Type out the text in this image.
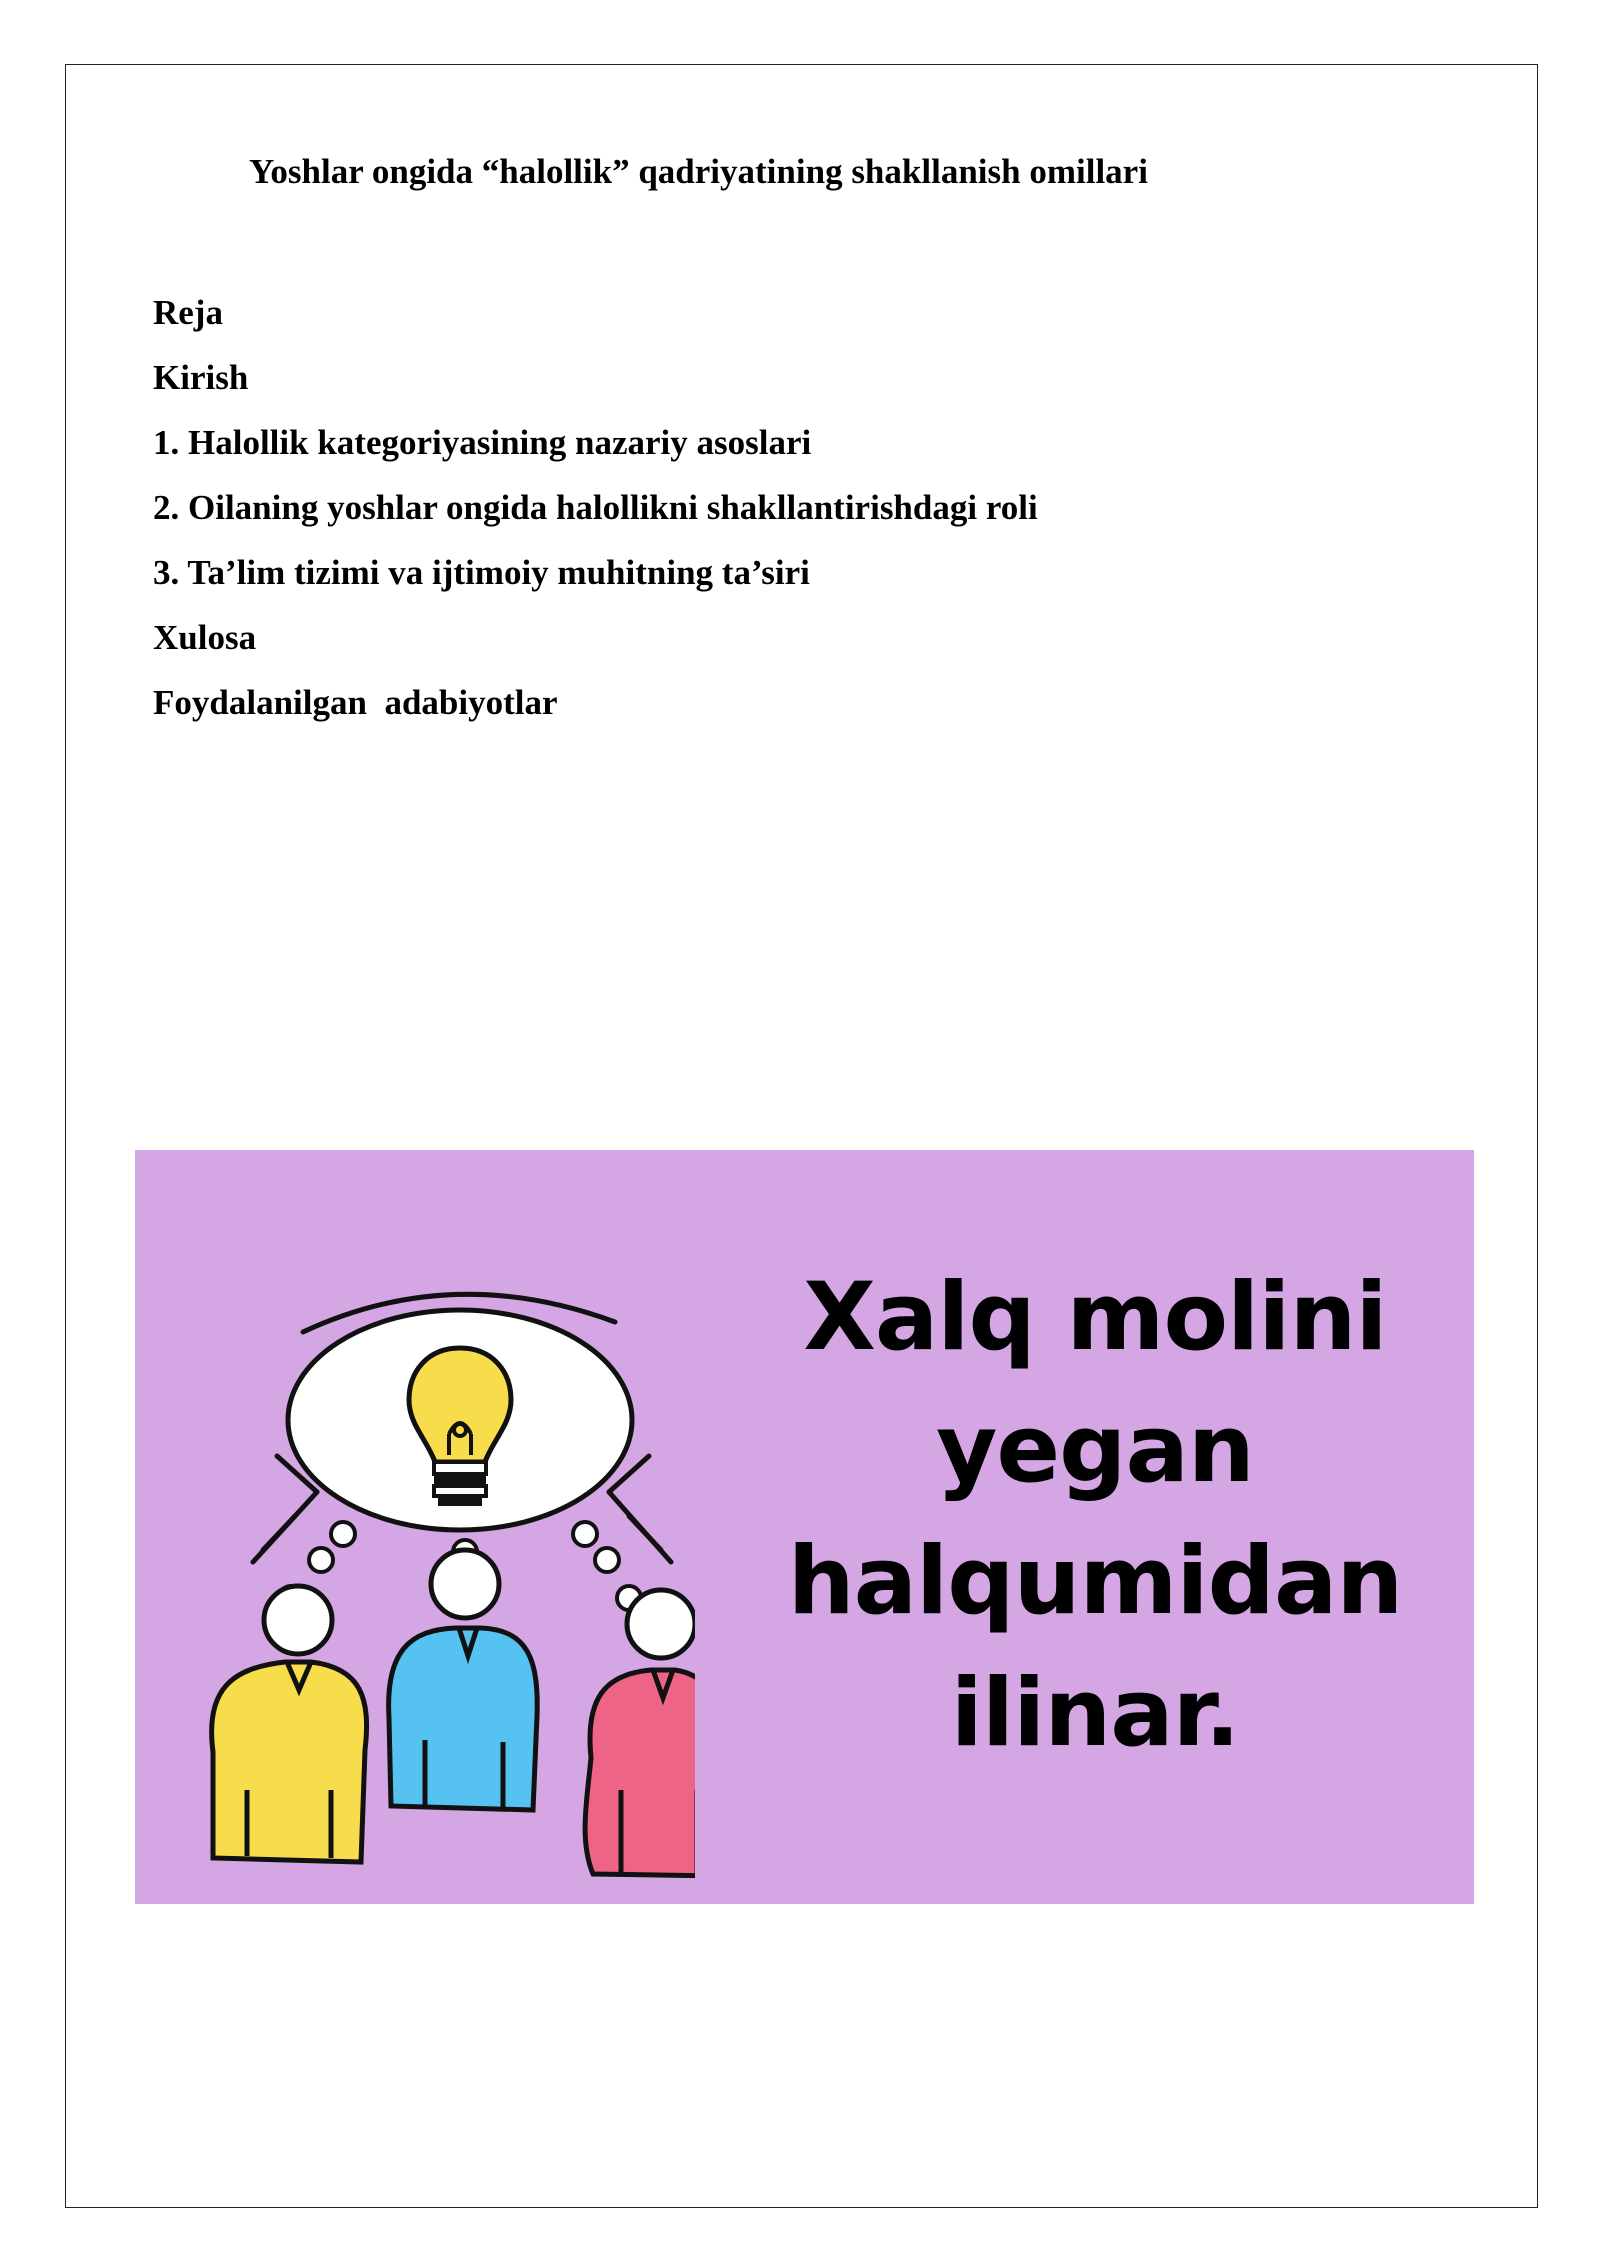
Yoshlar ongida “halollik” qadriyatining shakllanish omillari
Reja
Kirish
1. Halollik kategoriyasining nazariy asoslari
2. Oilaning yoshlar ongida halollikni shakllantirishdagi roli
3. Ta’lim tizimi va ijtimoiy muhitning ta’siri
Xulosa
Foydalanilgan  adabiyotlar
Xalq molini
yegan
halqumidan
ilinar.
